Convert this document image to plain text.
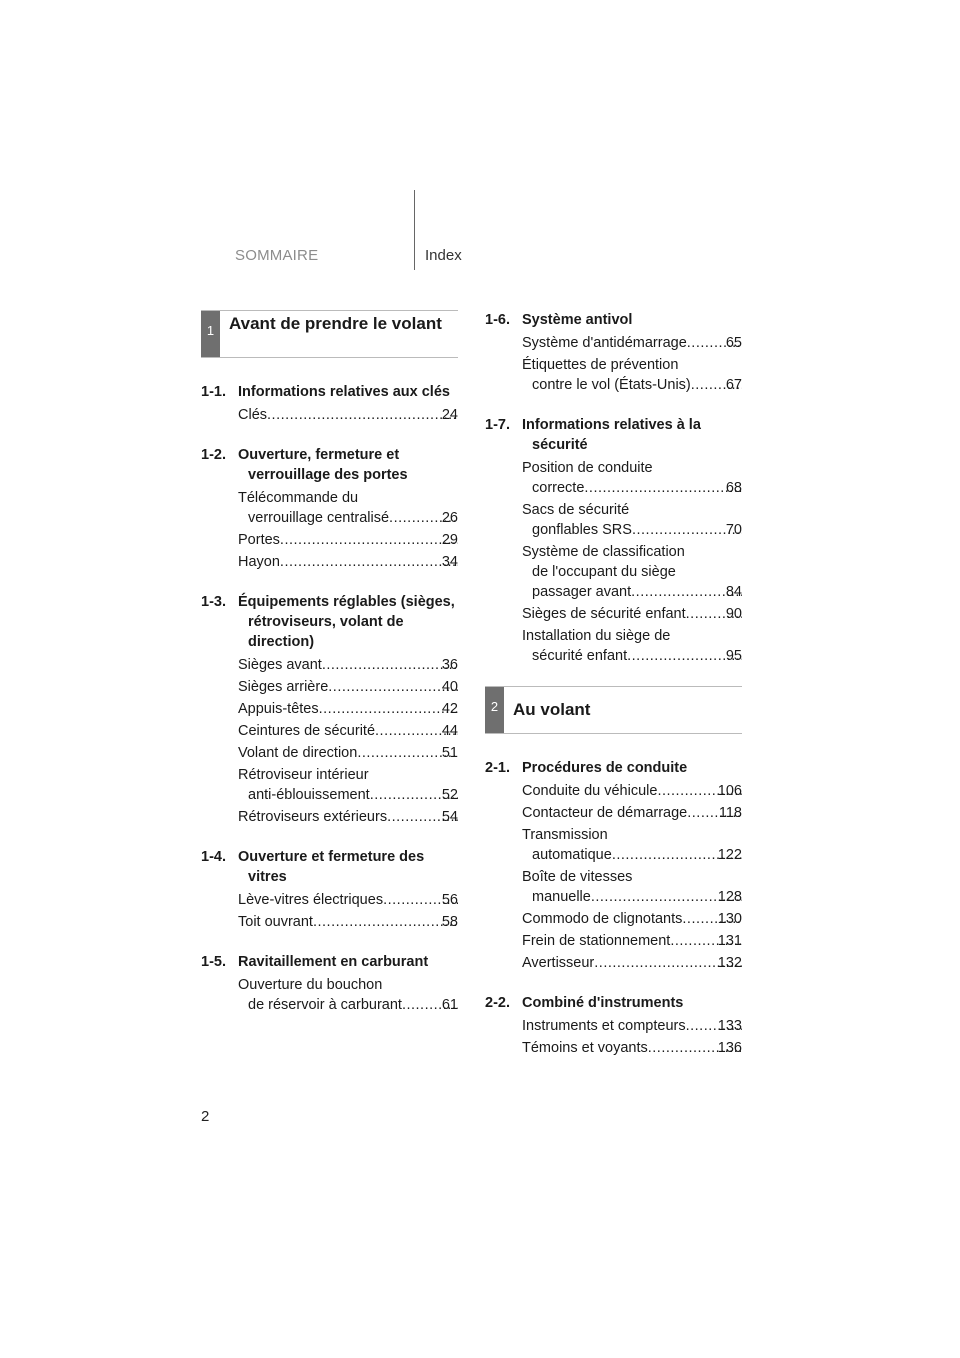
SOMMAIRE	Index
1 Avant de prendre le volant
1-1. Informations relatives aux clés
Clés .....	24
1-2. Ouverture, fermeture et verrouillage des portes
Télécommande du
verrouillage centralisé .....	26
Portes .....	29
Hayon .....	34
1-3. Équipements réglables (sièges, rétroviseurs, volant de direction)
Sièges avant .....	36
Sièges arrière .....	40
Appuis-têtes .....	42
Ceintures de sécurité .....	44
Volant de direction .....	51
Rétroviseur intérieur
anti-éblouissement .....	52
Rétroviseurs extérieurs .....	54
1-4. Ouverture et fermeture des vitres
Lève-vitres électriques .....	56
Toit ouvrant .....	58
1-5. Ravitaillement en carburant
Ouverture du bouchon
de réservoir à carburant .....	61
1-6. Système antivol
Système d'antidémarrage .....	65
Étiquettes de prévention
contre le vol (États-Unis) .....	67
1-7. Informations relatives à la sécurité
Position de conduite
correcte .....	68
Sacs de sécurité
gonflables SRS .....	70
Système de classification
de l'occupant du siège
passager avant .....	84
Sièges de sécurité enfant .....	90
Installation du siège de
sécurité enfant .....	95
2 Au volant
2-1. Procédures de conduite
Conduite du véhicule .....	106
Contacteur de démarrage .....	118
Transmission
automatique .....	122
Boîte de vitesses
manuelle .....	128
Commodo de clignotants .....	130
Frein de stationnement .....	131
Avertisseur .....	132
2-2. Combiné d'instruments
Instruments et compteurs .....	133
Témoins et voyants .....	136
2
